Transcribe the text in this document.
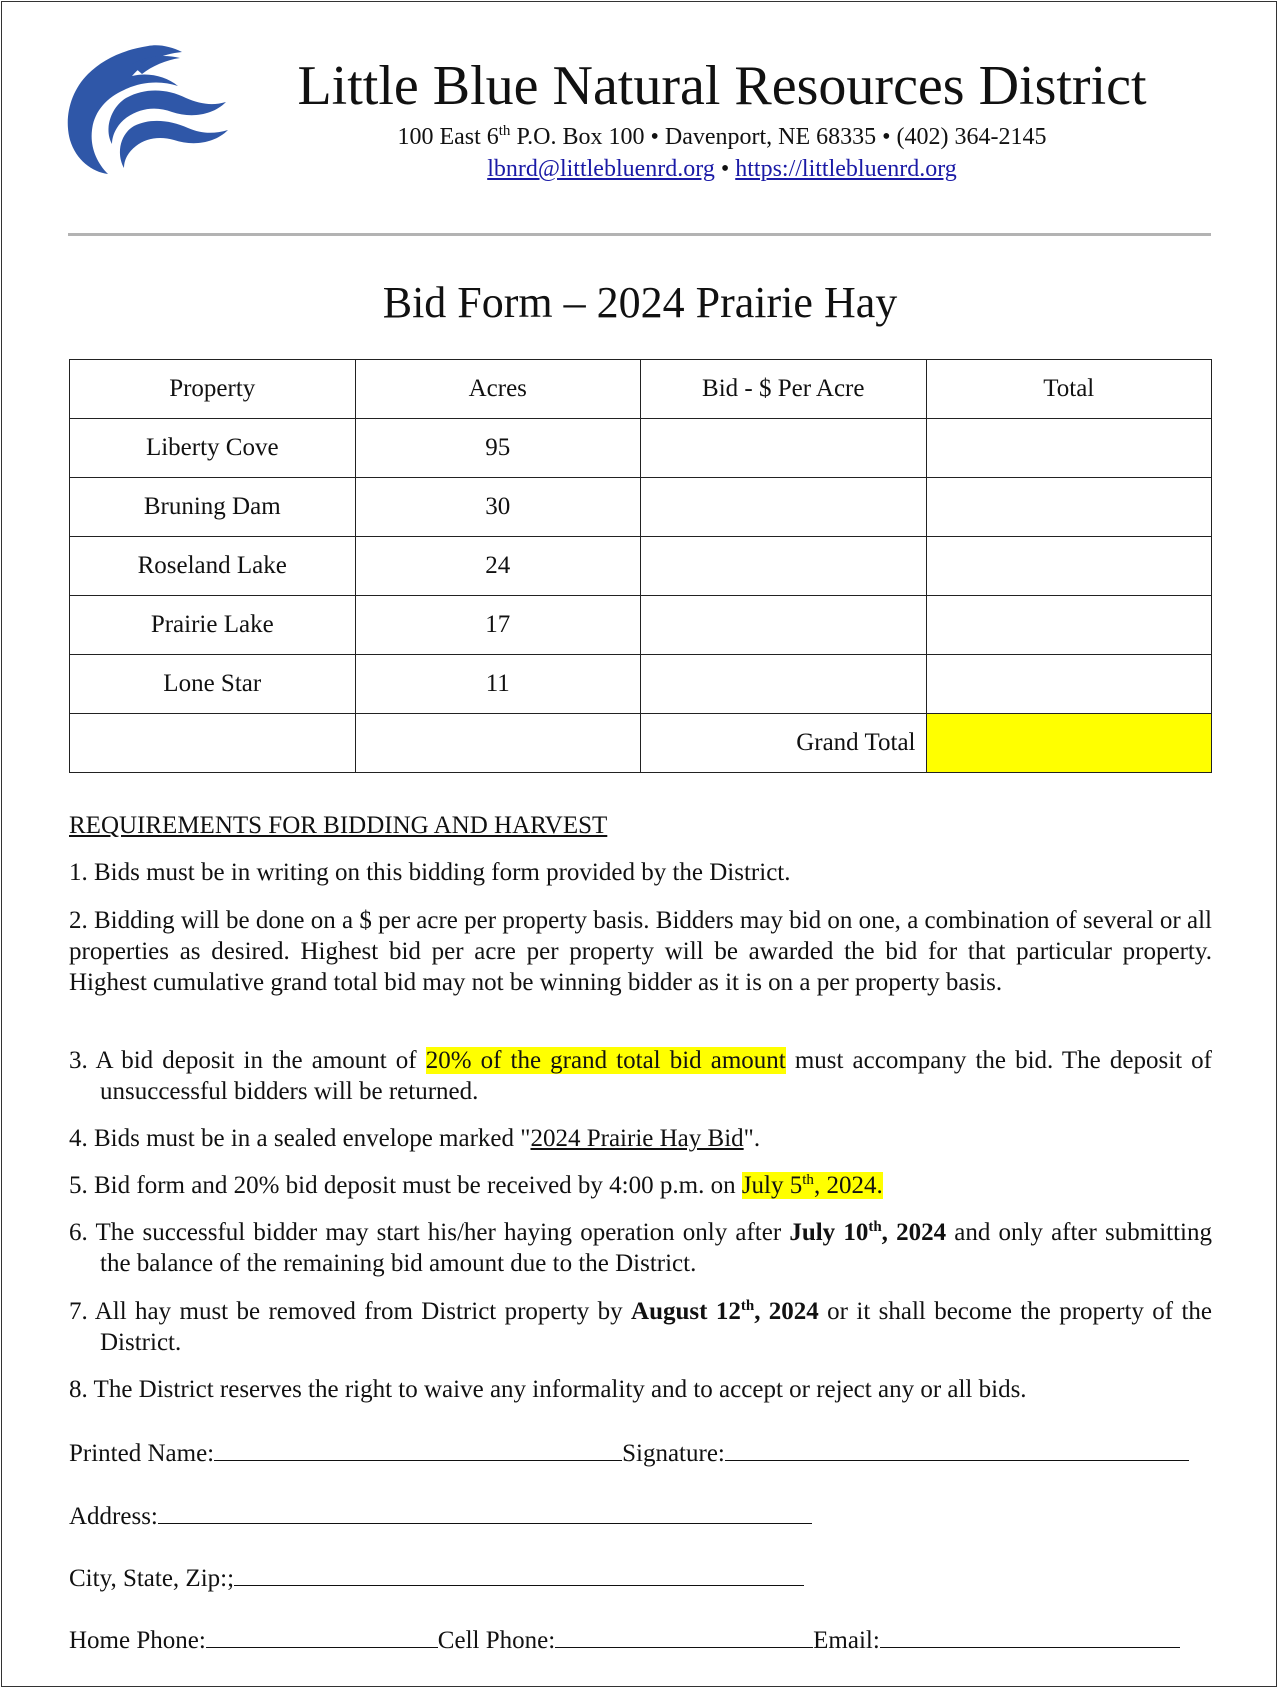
Little Blue Natural Resources District
100 East 6th P.O. Box 100 • Davenport, NE 68335 • (402) 364-2145
lbnrd@littlebluenrd.org • https://littlebluenrd.org
Bid Form – 2024 Prairie Hay
Property	Acres	Bid - $ Per Acre	Total
Liberty Cove	95		
Bruning Dam	30		
Roseland Lake	24		
Prairie Lake	17		
Lone Star	11		
		Grand Total	
REQUIREMENTS FOR BIDDING AND HARVEST
1. Bids must be in writing on this bidding form provided by the District.
2. Bidding will be done on a $ per acre per property basis. Bidders may bid on one, a combination of several or all properties as desired. Highest bid per acre per property will be awarded the bid for that particular property. Highest cumulative grand total bid may not be winning bidder as it is on a per property basis.
3. A bid deposit in the amount of 20% of the grand total bid amount must accompany the bid. The deposit of unsuccessful bidders will be returned.
4. Bids must be in a sealed envelope marked "2024 Prairie Hay Bid".
5. Bid form and 20% bid deposit must be received by 4:00 p.m. on July 5th, 2024.
6. The successful bidder may start his/her haying operation only after July 10th, 2024 and only after submitting the balance of the remaining bid amount due to the District.
7. All hay must be removed from District property by August 12th, 2024 or it shall become the property of the District.
8. The District reserves the right to waive any informality and to accept or reject any or all bids.
Printed Name:	Signature:
Address:
City, State, Zip:;
Home Phone:	Cell Phone:	Email:
